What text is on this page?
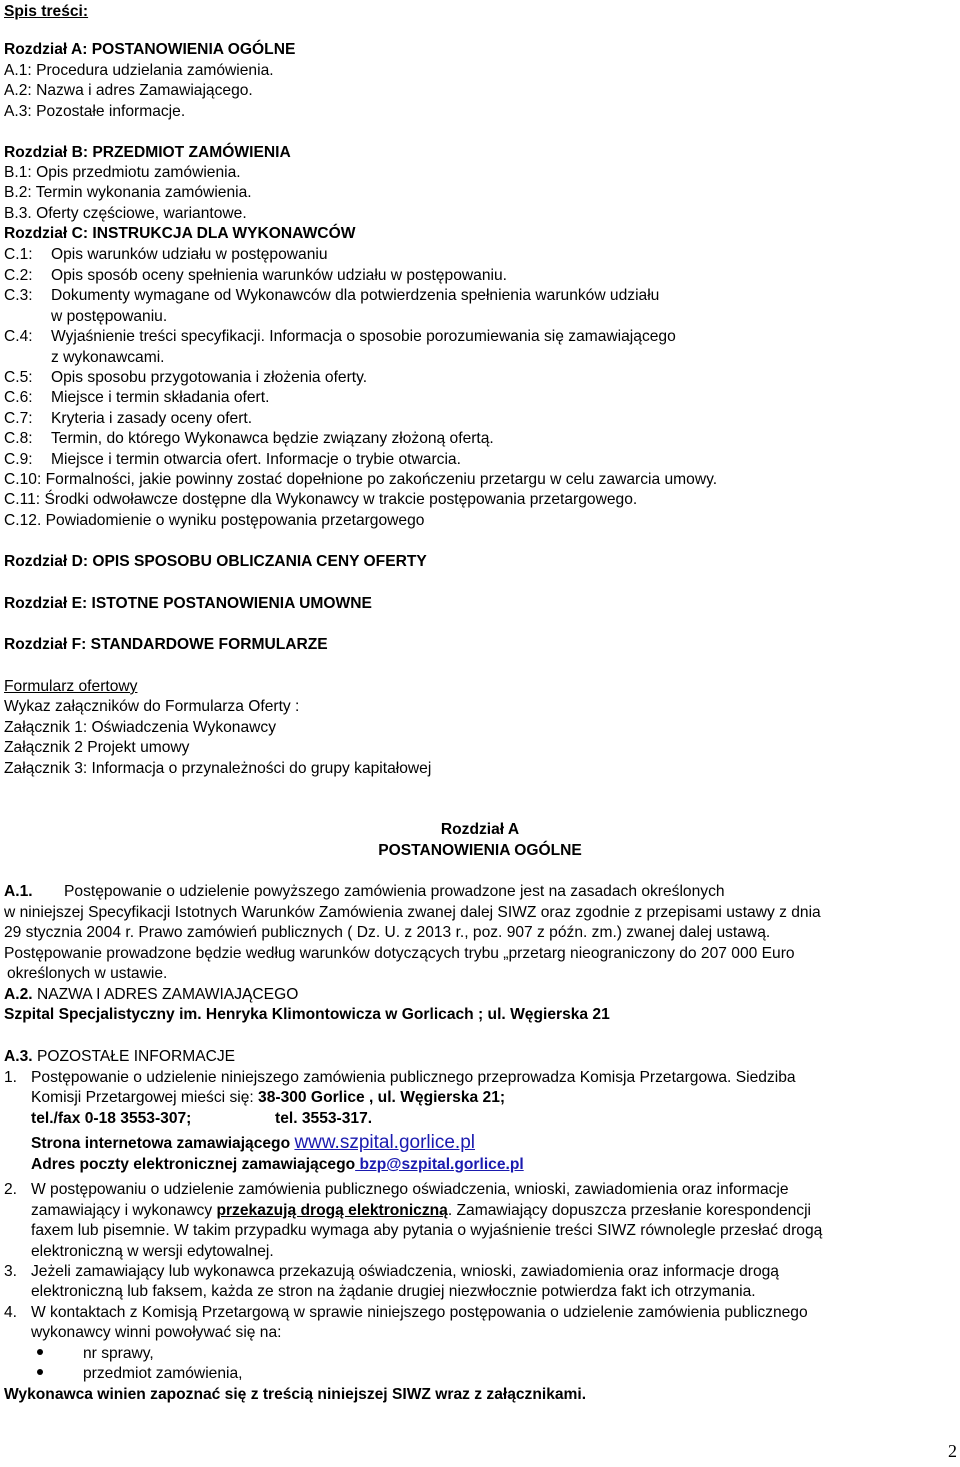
Spis treści:
Rozdział A: POSTANOWIENIA OGÓLNE
A.1: Procedura udzielania zamówienia.
A.2: Nazwa i adres Zamawiającego.
A.3: Pozostałe informacje.
Rozdział B: PRZEDMIOT ZAMÓWIENIA
B.1: Opis przedmiotu zamówienia.
B.2: Termin wykonania zamówienia.
B.3. Oferty częściowe, wariantowe.
Rozdział C: INSTRUKCJA DLA WYKONAWCÓW
C.1: Opis warunków udziału w postępowaniu
C.2: Opis sposób oceny spełnienia warunków udziału w postępowaniu.
C.3: Dokumenty wymagane od Wykonawców dla potwierdzenia spełnienia warunków udziału
w postępowaniu.
C.4: Wyjaśnienie treści specyfikacji. Informacja o sposobie porozumiewania się zamawiającego
z wykonawcami.
C.5: Opis sposobu przygotowania i złożenia oferty.
C.6: Miejsce i termin składania ofert.
C.7: Kryteria i zasady oceny ofert.
C.8: Termin, do którego Wykonawca będzie związany złożoną ofertą.
C.9: Miejsce i termin otwarcia ofert. Informacje o trybie otwarcia.
C.10: Formalności, jakie powinny zostać dopełnione po zakończeniu przetargu w celu zawarcia umowy.
C.11: Środki odwoławcze dostępne dla Wykonawcy w trakcie postępowania przetargowego.
C.12. Powiadomienie o wyniku postępowania przetargowego
Rozdział D: OPIS SPOSOBU OBLICZANIA CENY OFERTY
Rozdział E: ISTOTNE POSTANOWIENIA UMOWNE
Rozdział F: STANDARDOWE FORMULARZE
Formularz ofertowy
Wykaz załączników do Formularza Oferty :
Załącznik 1: Oświadczenia Wykonawcy
Załącznik 2 Projekt umowy
Załącznik 3: Informacja o przynależności do grupy kapitałowej
Rozdział A
POSTANOWIENIA OGÓLNE
A.1. Postępowanie o udzielenie powyższego zamówienia prowadzone jest na zasadach określonych
w niniejszej Specyfikacji Istotnych Warunków Zamówienia zwanej dalej SIWZ oraz zgodnie z przepisami ustawy z dnia
29 stycznia 2004 r. Prawo zamówień publicznych ( Dz. U. z 2013 r., poz. 907 z późn. zm.) zwanej dalej ustawą.
Postępowanie prowadzone będzie według warunków dotyczących trybu „przetarg nieograniczony do 207 000 Euro
określonych w ustawie.
A.2. NAZWA I ADRES ZAMAWIAJĄCEGO
Szpital Specjalistyczny im. Henryka Klimontowicza w Gorlicach ; ul. Węgierska 21
A.3. POZOSTAŁE INFORMACJE
1. Postępowanie o udzielenie niniejszego zamówienia publicznego przeprowadza Komisja Przetargowa. Siedziba
Komisji Przetargowej mieści się: 38-300 Gorlice , ul. Węgierska 21;
tel./fax 0-18 3553-307;	tel. 3553-317.
Strona internetowa zamawiającego www.szpital.gorlice.pl
Adres poczty elektronicznej zamawiającego bzp@szpital.gorlice.pl
2. W postępowaniu o udzielenie zamówienia publicznego oświadczenia, wnioski, zawiadomienia oraz informacje
zamawiający i wykonawcy przekazują drogą elektroniczną. Zamawiający dopuszcza przesłanie korespondencji
faxem lub pisemnie. W takim przypadku wymaga aby pytania o wyjaśnienie treści SIWZ równolegle przesłać drogą
elektroniczną w wersji edytowalnej.
3. Jeżeli zamawiający lub wykonawca przekazują oświadczenia, wnioski, zawiadomienia oraz informacje drogą
elektroniczną lub faksem, każda ze stron na żądanie drugiej niezwłocznie potwierdza fakt ich otrzymania.
4. W kontaktach z Komisją Przetargową w sprawie niniejszego postępowania o udzielenie zamówienia publicznego
wykonawcy winni powoływać się na:
nr sprawy,
przedmiot zamówienia,
Wykonawca winien zapoznać się z treścią niniejszej SIWZ wraz z załącznikami.
2
